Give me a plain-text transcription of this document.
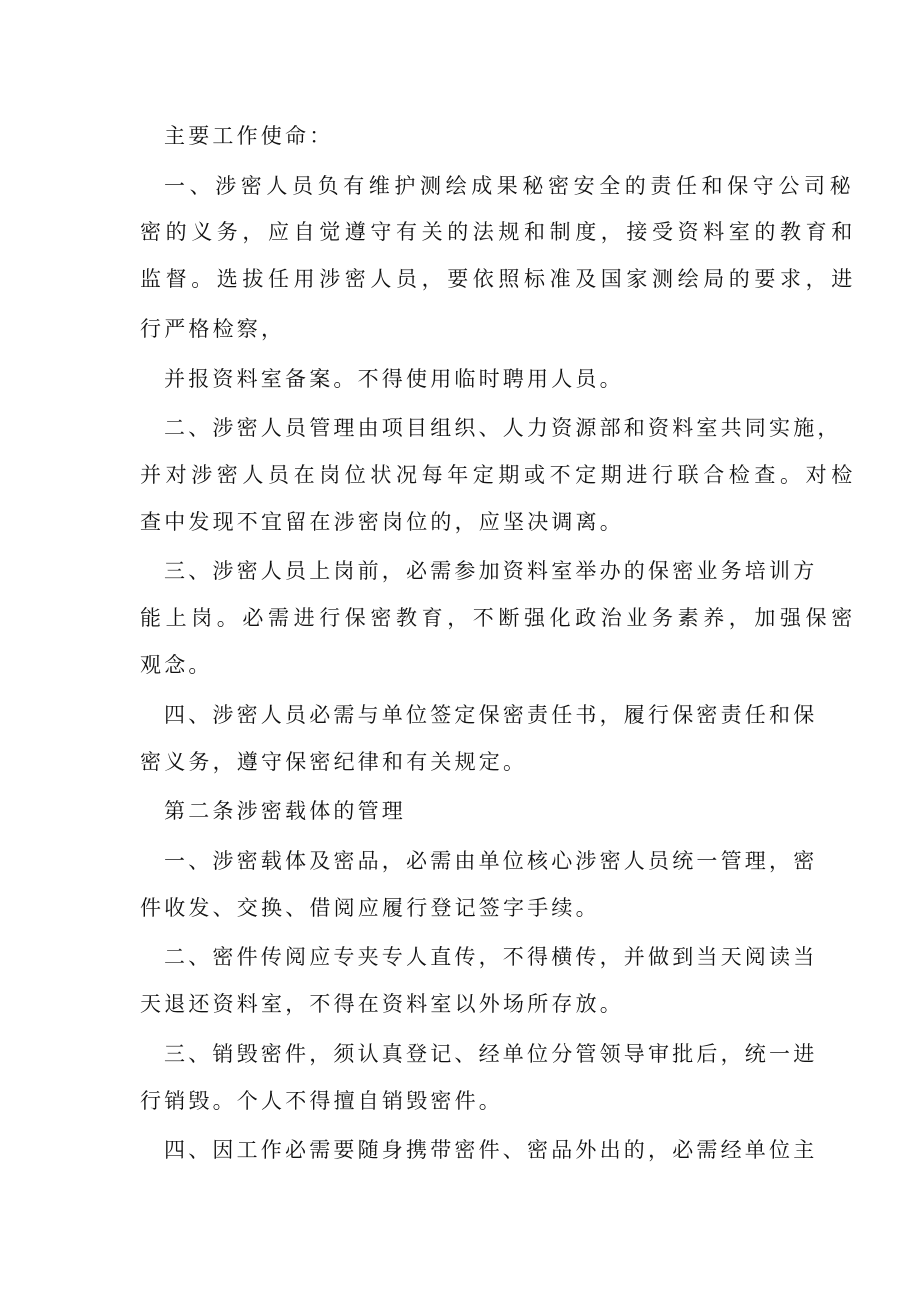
主要工作使命：
一、涉密人员负有维护测绘成果秘密安全的责任和保守公司秘
密的义务，应自觉遵守有关的法规和制度，接受资料室的教育和
监督。选拔任用涉密人员，要依照标准及国家测绘局的要求，进
行严格检察，
并报资料室备案。不得使用临时聘用人员。
二、涉密人员管理由项目组织、人力资源部和资料室共同实施，
并对涉密人员在岗位状况每年定期或不定期进行联合检查。对检
查中发现不宜留在涉密岗位的，应坚决调离。
三、涉密人员上岗前，必需参加资料室举办的保密业务培训方
能上岗。必需进行保密教育，不断强化政治业务素养，加强保密
观念。
四、涉密人员必需与单位签定保密责任书，履行保密责任和保
密义务，遵守保密纪律和有关规定。
第二条涉密载体的管理
一、涉密载体及密品，必需由单位核心涉密人员统一管理，密
件收发、交换、借阅应履行登记签字手续。
二、密件传阅应专夹专人直传，不得横传，并做到当天阅读当
天退还资料室，不得在资料室以外场所存放。
三、销毁密件，须认真登记、经单位分管领导审批后，统一进
行销毁。个人不得擅自销毁密件。
四、因工作必需要随身携带密件、密品外出的，必需经单位主
